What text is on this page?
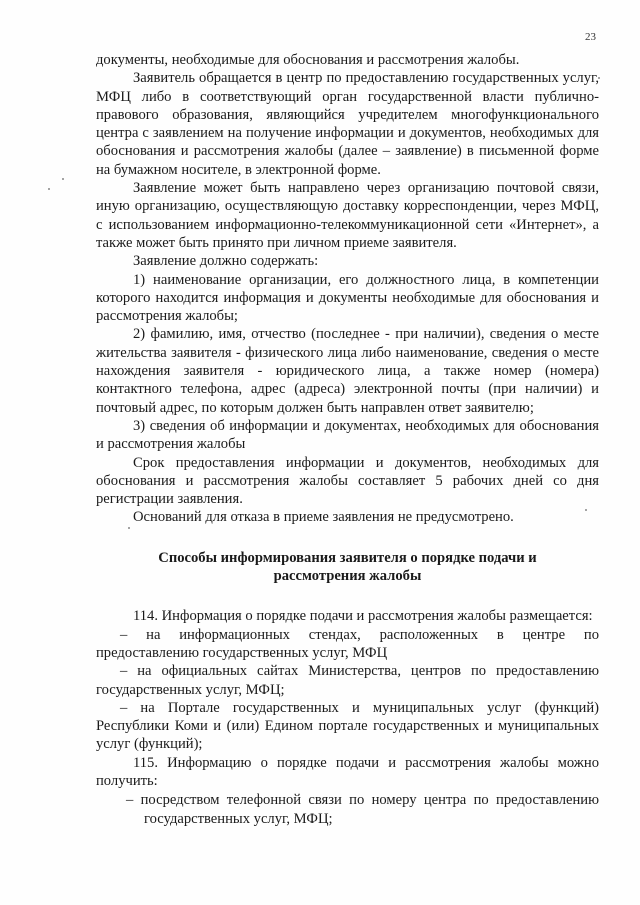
23

документы, необходимые для обоснования и рассмотрения жалобы.

Заявитель обращается в центр по предоставлению государственных услуг, МФЦ либо в соответствующий орган государственной власти публично-правового образования, являющийся учредителем многофункционального центра с заявлением на получение информации и документов, необходимых для обоснования и рассмотрения жалобы (далее – заявление) в письменной форме на бумажном носителе, в электронной форме.

Заявление может быть направлено через организацию почтовой связи, иную организацию, осуществляющую доставку корреспонденции, через МФЦ, с использованием информационно-телекоммуникационной сети «Интернет», а также может быть принято при личном приеме заявителя.

Заявление должно содержать:

1) наименование организации, его должностного лица, в компетенции которого находится информация и документы необходимые для обоснования и рассмотрения жалобы;

2) фамилию, имя, отчество (последнее - при наличии), сведения о месте жительства заявителя - физического лица либо наименование, сведения о месте нахождения заявителя - юридического лица, а также номер (номера) контактного телефона, адрес (адреса) электронной почты (при наличии) и почтовый адрес, по которым должен быть направлен ответ заявителю;

3) сведения об информации и документах, необходимых для обоснования и рассмотрения жалобы

Срок предоставления информации и документов, необходимых для обоснования и рассмотрения жалобы составляет 5 рабочих дней со дня регистрации заявления.

Оснований для отказа в приеме заявления не предусмотрено.

Способы информирования заявителя о порядке подачи и рассмотрения жалобы

114. Информация о порядке подачи и рассмотрения жалобы размещается:

– на информационных стендах, расположенных в центре по предоставлению государственных услуг, МФЦ

– на официальных сайтах Министерства, центров по предоставлению государственных услуг, МФЦ;

– на Портале государственных и муниципальных услуг (функций) Республики Коми и (или) Едином портале государственных и муниципальных услуг (функций);

115. Информацию о порядке подачи и рассмотрения жалобы можно получить:

– посредством телефонной связи по номеру центра по предоставлению государственных услуг, МФЦ;
